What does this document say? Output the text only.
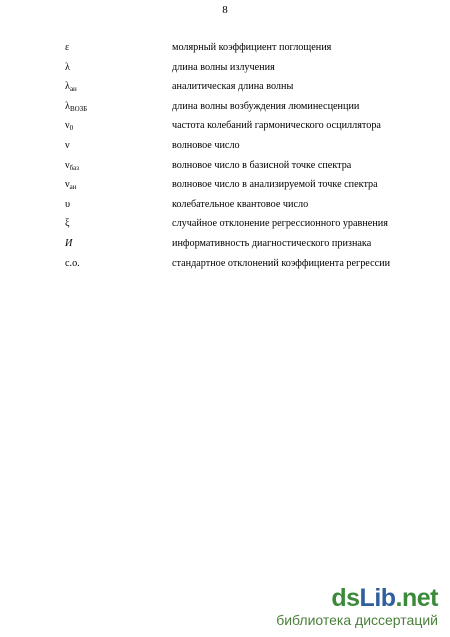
8
ε	молярный коэффициент поглощения
λ	длина волны излучения
$\lambda_{ан}$	аналитическая длина волны
$\lambda_{ВОЗБ}$	длина волны возбуждения люминесценции
$\nu_0$	частота колебаний гармонического осциллятора
ν	волновое число
$\nu_{баз}$	волновое число в базисной точке спектра
$\nu_{ан}$	волновое число в анализируемой точке спектра
υ	колебательное квантовое число
ξ	случайное отклонение регрессионного уравнения
И	информативность диагностического признака
с.о.	стандартное отклонений коэффициента регрессии
dsLib.net
библиотека диссертаций
